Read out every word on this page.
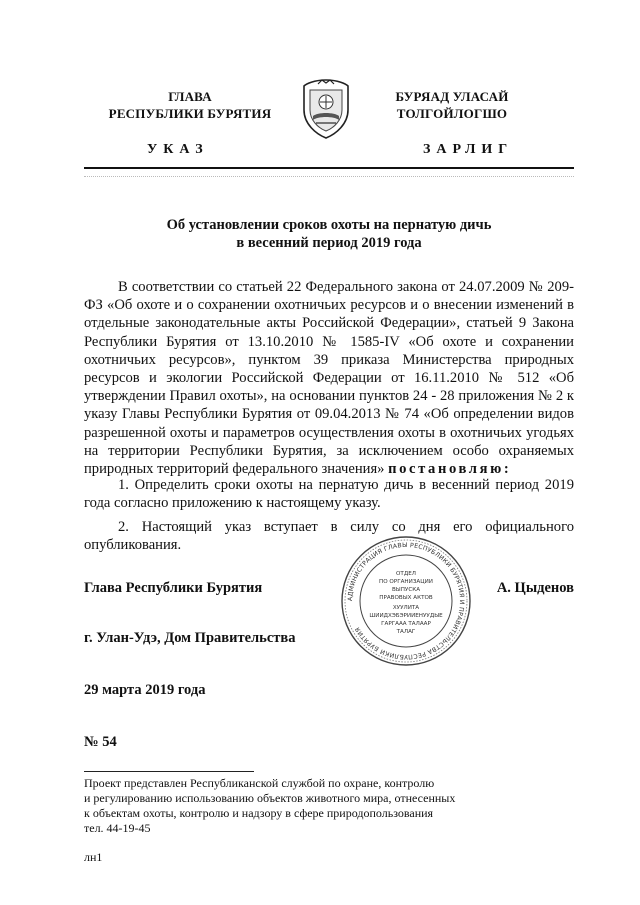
ГЛАВА
РЕСПУБЛИКИ БУРЯТИЯ
БУРЯАД УЛАСАЙ
ТОЛГОЙЛОГШО
УКАЗ	ЗАРЛИГ
Об установлении сроков охоты на пернатую дичь
в весенний период 2019 года
В соответствии со статьей 22 Федерального закона от 24.07.2009 № 209-ФЗ «Об охоте и о сохранении охотничьих ресурсов и о внесении изменений в отдельные законодательные акты Российской Федерации», статьей 9 Закона Республики Бурятия от 13.10.2010 № 1585-IV «Об охоте и сохранении охотничьих ресурсов», пунктом 39 приказа Министерства природных ресурсов и экологии Российской Федерации от 16.11.2010 № 512 «Об утверждении Правил охоты», на основании пунктов 24 - 28 приложения № 2 к указу Главы Республики Бурятия от 09.04.2013 № 74 «Об определении видов разрешенной охоты и параметров осуществления охоты в охотничьих угодьях на территории Республики Бурятия, за исключением особо охраняемых природных территорий федерального значения» постановляю:
1. Определить сроки охоты на пернатую дичь в весенний период 2019 года согласно приложению к настоящему указу.
2. Настоящий указ вступает в силу со дня его официального опубликования.
АДМИНИСТРАЦИЯ ГЛАВЫ РЕСПУБЛИКИ БУРЯТИЯ И ПРАВИТЕЛЬСТВА РЕСПУБЛИКИ БУРЯТИЯ
ОТДЕЛ
ПО ОРГАНИЗАЦИИ
ВЫПУСКА
ПРАВОВЫХ АКТОВ
ХУУЛИТА
ШИИДХЭБЭРИИЕНУУДЫЕ
ГАРГААА ТАЛААР
ТАЛАГ
Глава Республики Бурятия	А. Цыденов
г. Улан-Удэ, Дом Правительства
29 марта 2019 года
№ 54
Проект представлен Республиканской службой по охране, контролю
и регулированию использованию объектов животного мира, отнесенных
к объектам охоты, контролю и надзору в сфере природопользования
тел. 44-19-45
лн1
